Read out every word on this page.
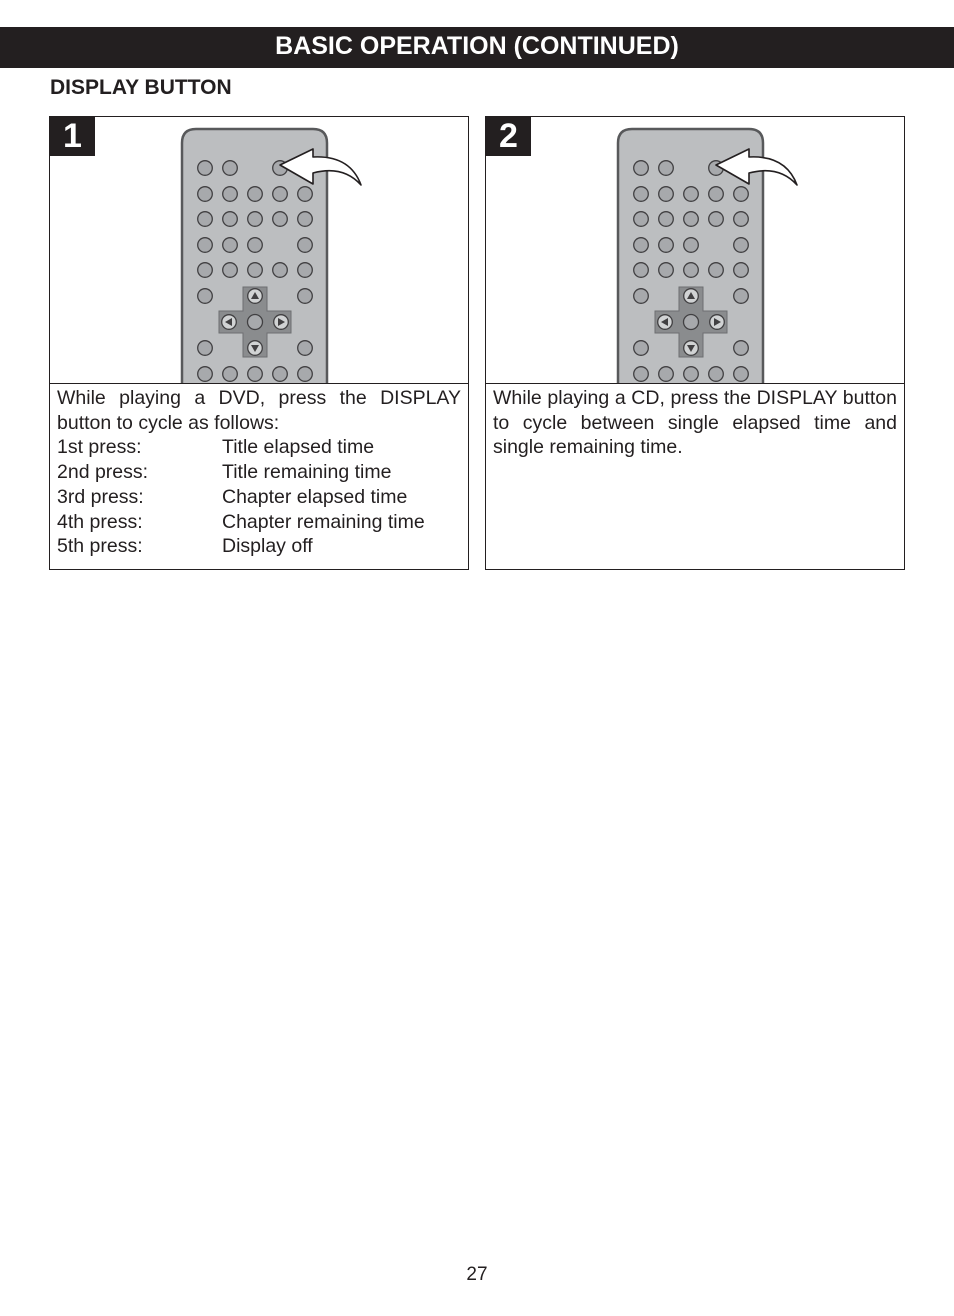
BASIC OPERATION (CONTINUED)
DISPLAY BUTTON
1

While playing a DVD, press the DISPLAY button to cycle as follows:

1st press:	Title elapsed time
2nd press:	Title remaining time
3rd press:	Chapter elapsed time
4th press:	Chapter remaining time
5th press:	Display off
2

While playing a CD, press the DISPLAY button to cycle between single elapsed time and single remaining time.

27
